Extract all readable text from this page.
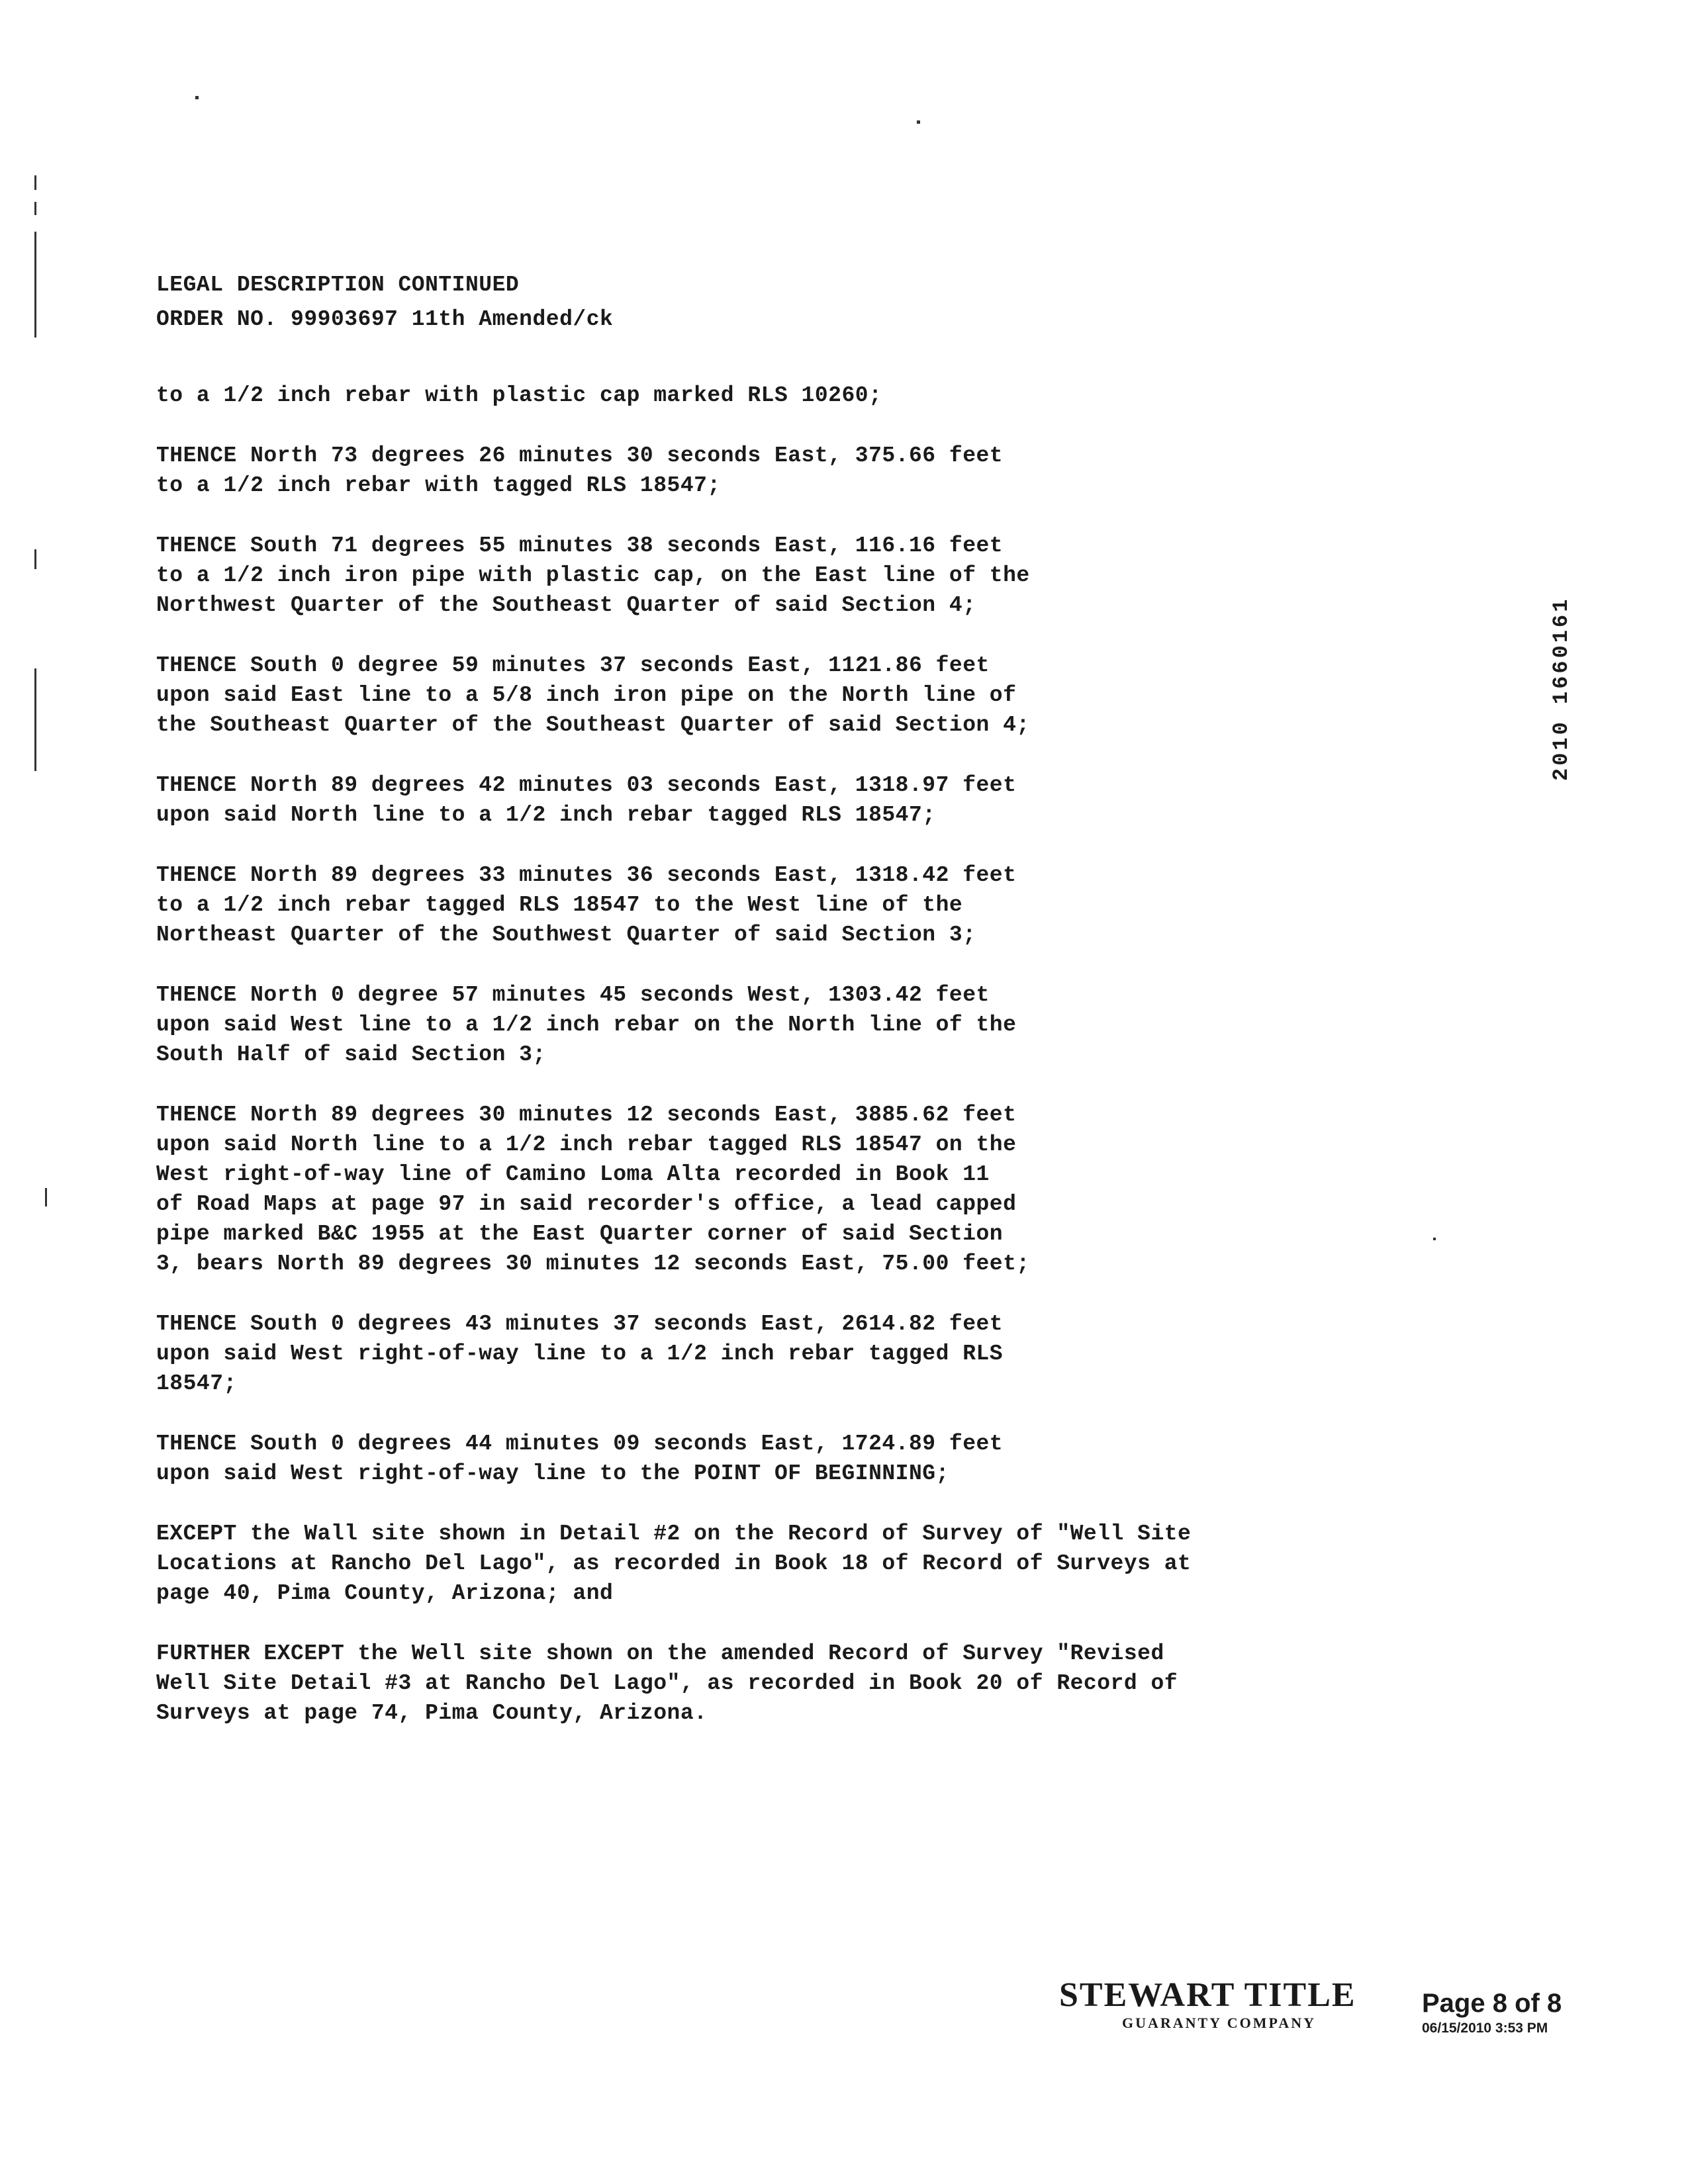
LEGAL DESCRIPTION CONTINUED
ORDER NO. 99903697 11th Amended/ck

to a 1/2 inch rebar with plastic cap marked RLS 10260;

THENCE North 73 degrees 26 minutes 30 seconds East, 375.66 feet
to a 1/2 inch rebar with tagged RLS 18547;

THENCE South 71 degrees 55 minutes 38 seconds East, 116.16 feet
to a 1/2 inch iron pipe with plastic cap, on the East line of the
Northwest Quarter of the Southeast Quarter of said Section 4;

THENCE South 0 degree 59 minutes 37 seconds East, 1121.86 feet
upon said East line to a 5/8 inch iron pipe on the North line of
the Southeast Quarter of the Southeast Quarter of said Section 4;

THENCE North 89 degrees 42 minutes 03 seconds East, 1318.97 feet
upon said North line to a 1/2 inch rebar tagged RLS 18547;

THENCE North 89 degrees 33 minutes 36 seconds East, 1318.42 feet
to a 1/2 inch rebar tagged RLS 18547 to the West line of the
Northeast Quarter of the Southwest Quarter of said Section 3;

THENCE North 0 degree 57 minutes 45 seconds West, 1303.42 feet
upon said West line to a 1/2 inch rebar on the North line of the
South Half of said Section 3;

THENCE North 89 degrees 30 minutes 12 seconds East, 3885.62 feet
upon said North line to a 1/2 inch rebar tagged RLS 18547 on the
West right-of-way line of Camino Loma Alta recorded in Book 11
of Road Maps at page 97 in said recorder's office, a lead capped
pipe marked B&C 1955 at the East Quarter corner of said Section
3, bears North 89 degrees 30 minutes 12 seconds East, 75.00 feet;

THENCE South 0 degrees 43 minutes 37 seconds East, 2614.82 feet
upon said West right-of-way line to a 1/2 inch rebar tagged RLS
18547;

THENCE South 0 degrees 44 minutes 09 seconds East, 1724.89 feet
upon said West right-of-way line to the POINT OF BEGINNING;

EXCEPT the Wall site shown in Detail #2 on the Record of Survey of "Well Site
Locations at Rancho Del Lago", as recorded in Book 18 of Record of Surveys at
page 40, Pima County, Arizona; and

FURTHER EXCEPT the Well site shown on the amended Record of Survey "Revised
Well Site Detail #3 at Rancho Del Lago", as recorded in Book 20 of Record of
Surveys at page 74, Pima County, Arizona.

2010 1660161
STEWART TITLE
GUARANTY COMPANY
Page 8 of 8
06/15/2010 3:53 PM
